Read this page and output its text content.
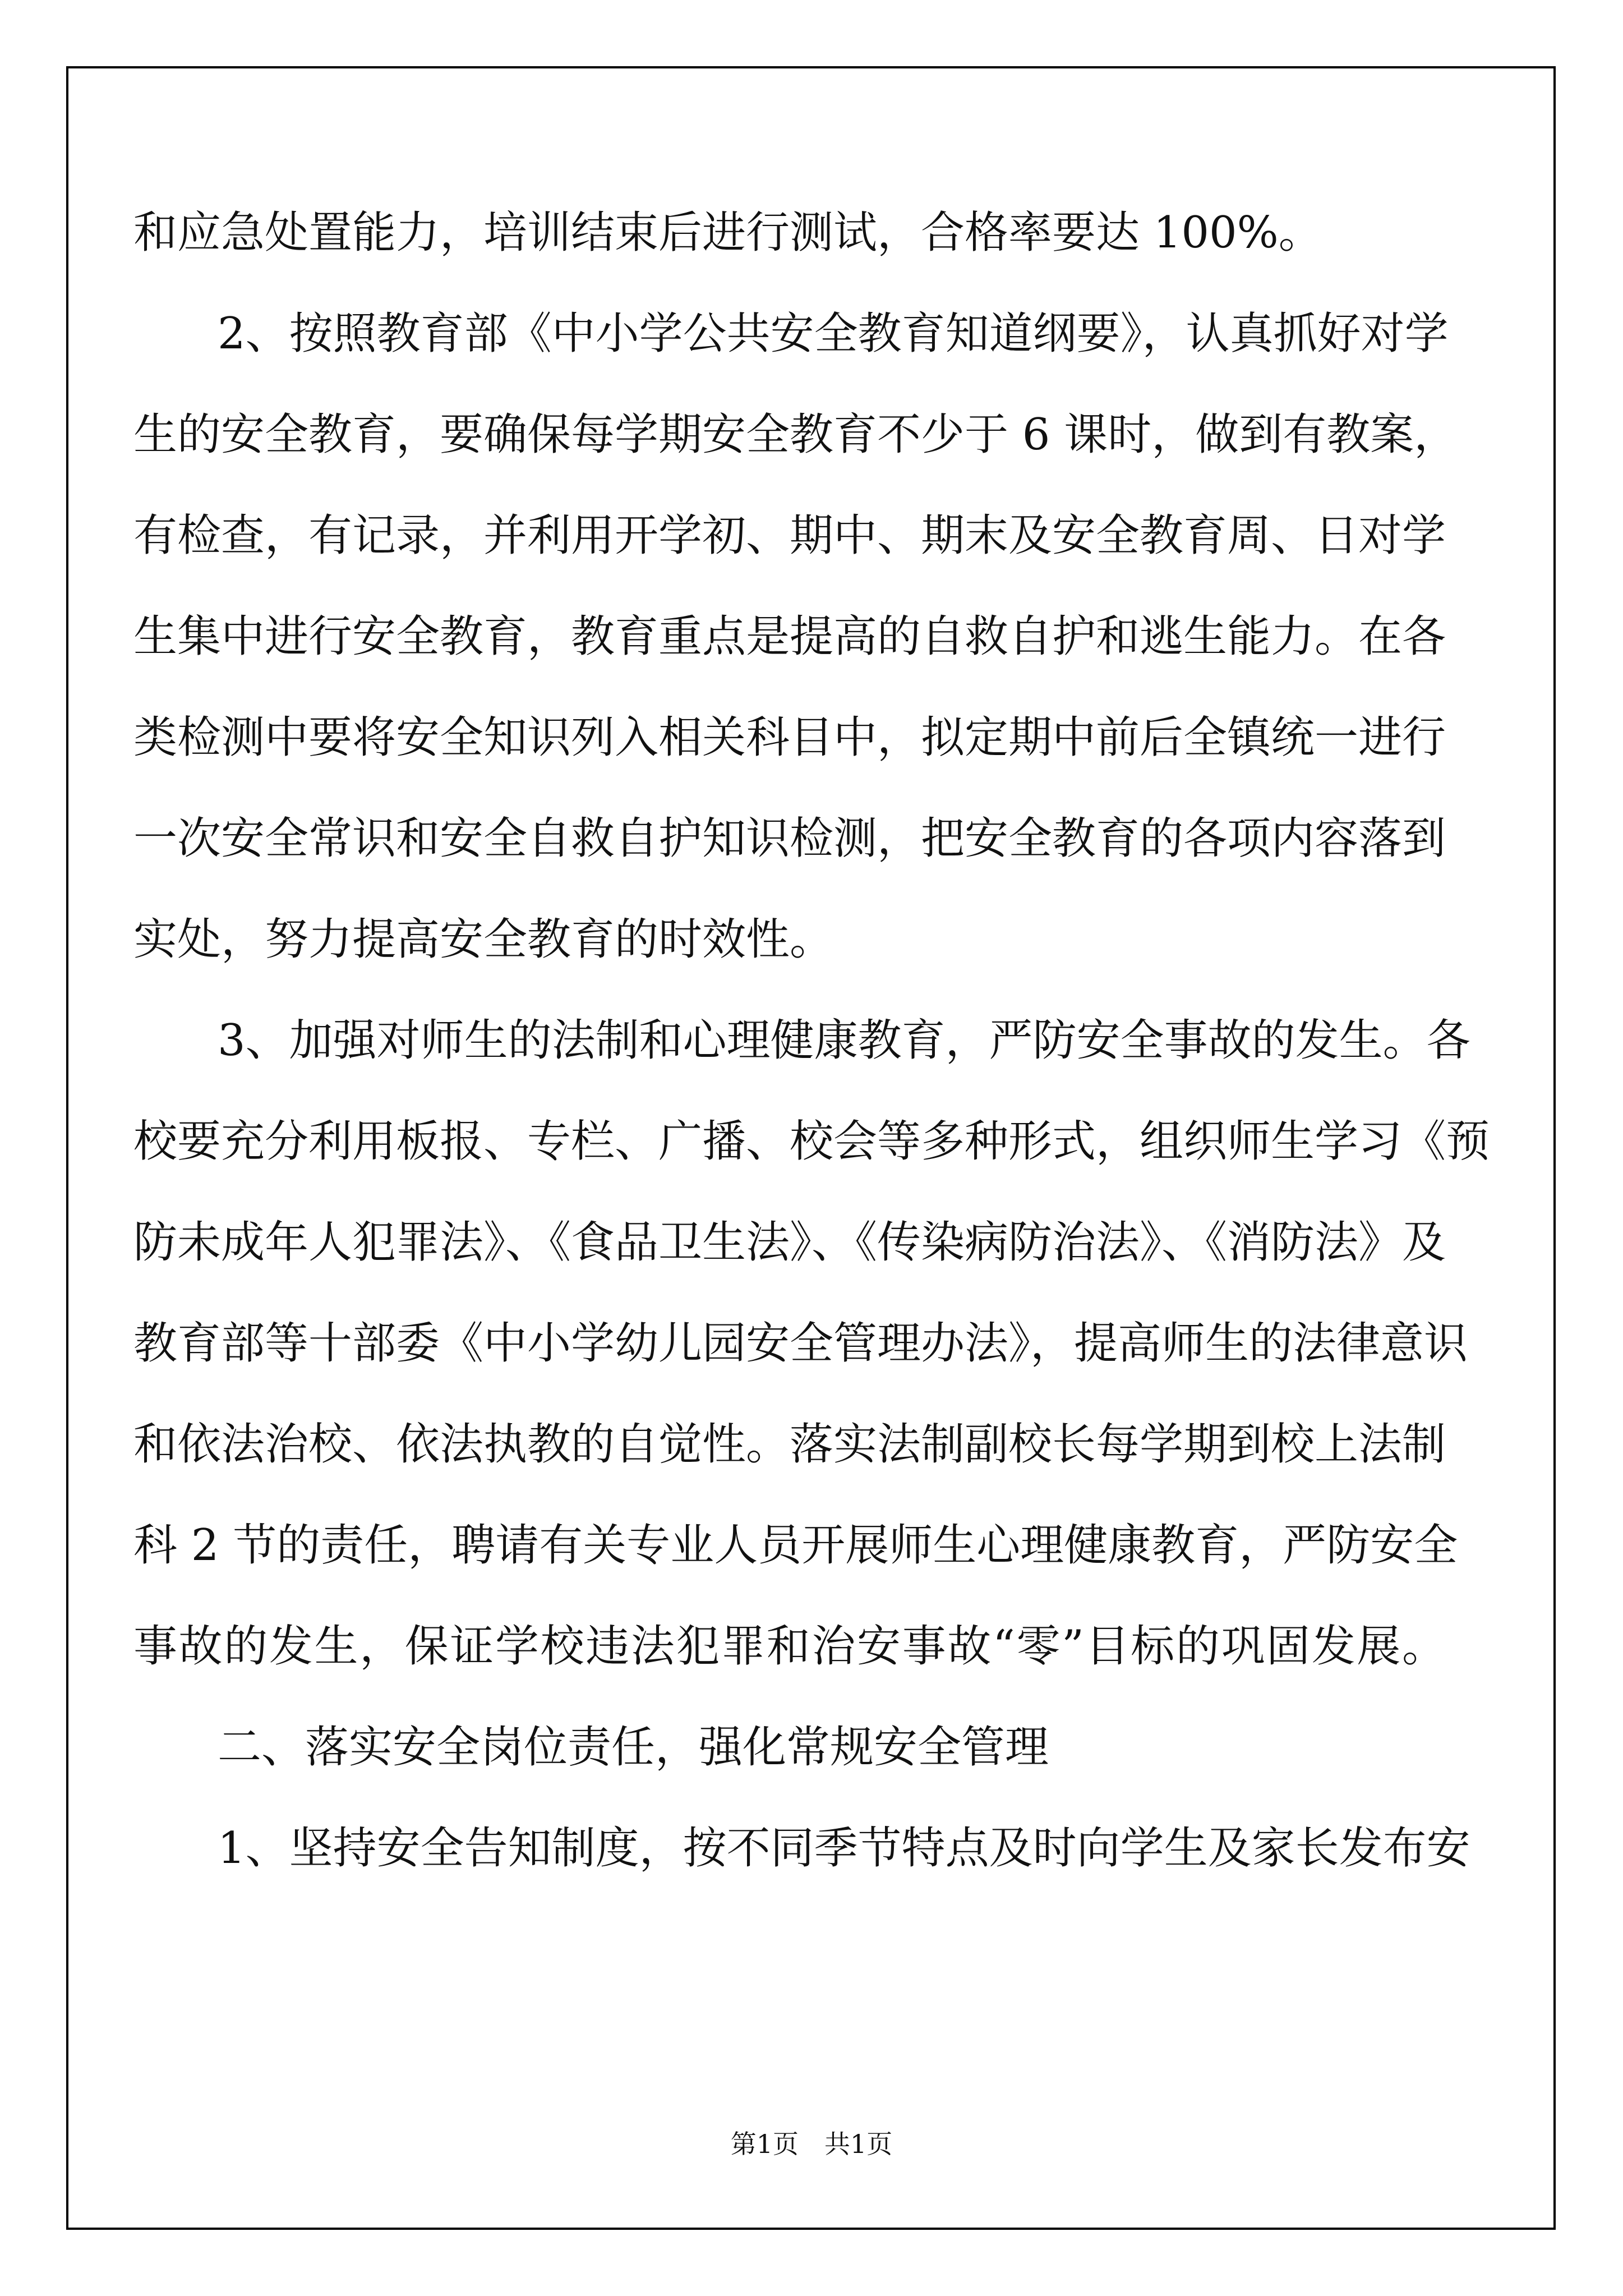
和应急处置能力，培训结束后进行测试，合格率要达 100%。
2、按照教育部《中小学公共安全教育知道纲要》，认真抓好对学
生的安全教育，要确保每学期安全教育不少于 6 课时，做到有教案，
有检查，有记录，并利用开学初、期中、期末及安全教育周、日对学
生集中进行安全教育，教育重点是提高的自救自护和逃生能力。在各
类检测中要将安全知识列入相关科目中，拟定期中前后全镇统一进行
一次安全常识和安全自救自护知识检测，把安全教育的各项内容落到
实处，努力提高安全教育的时效性。
3、加强对师生的法制和心理健康教育，严防安全事故的发生。各
校要充分利用板报、专栏、广播、校会等多种形式，组织师生学习《预
防未成年人犯罪法》、《食品卫生法》、《传染病防治法》、《消防法》及
教育部等十部委《中小学幼儿园安全管理办法》，提高师生的法律意识
和依法治校、依法执教的自觉性。落实法制副校长每学期到校上法制
科 2 节的责任，聘请有关专业人员开展师生心理健康教育，严防安全
事故的发生，保证学校违法犯罪和治安事故“零”目标的巩固发展。
二、落实安全岗位责任，强化常规安全管理
1、坚持安全告知制度，按不同季节特点及时向学生及家长发布安
第1页　共1页
